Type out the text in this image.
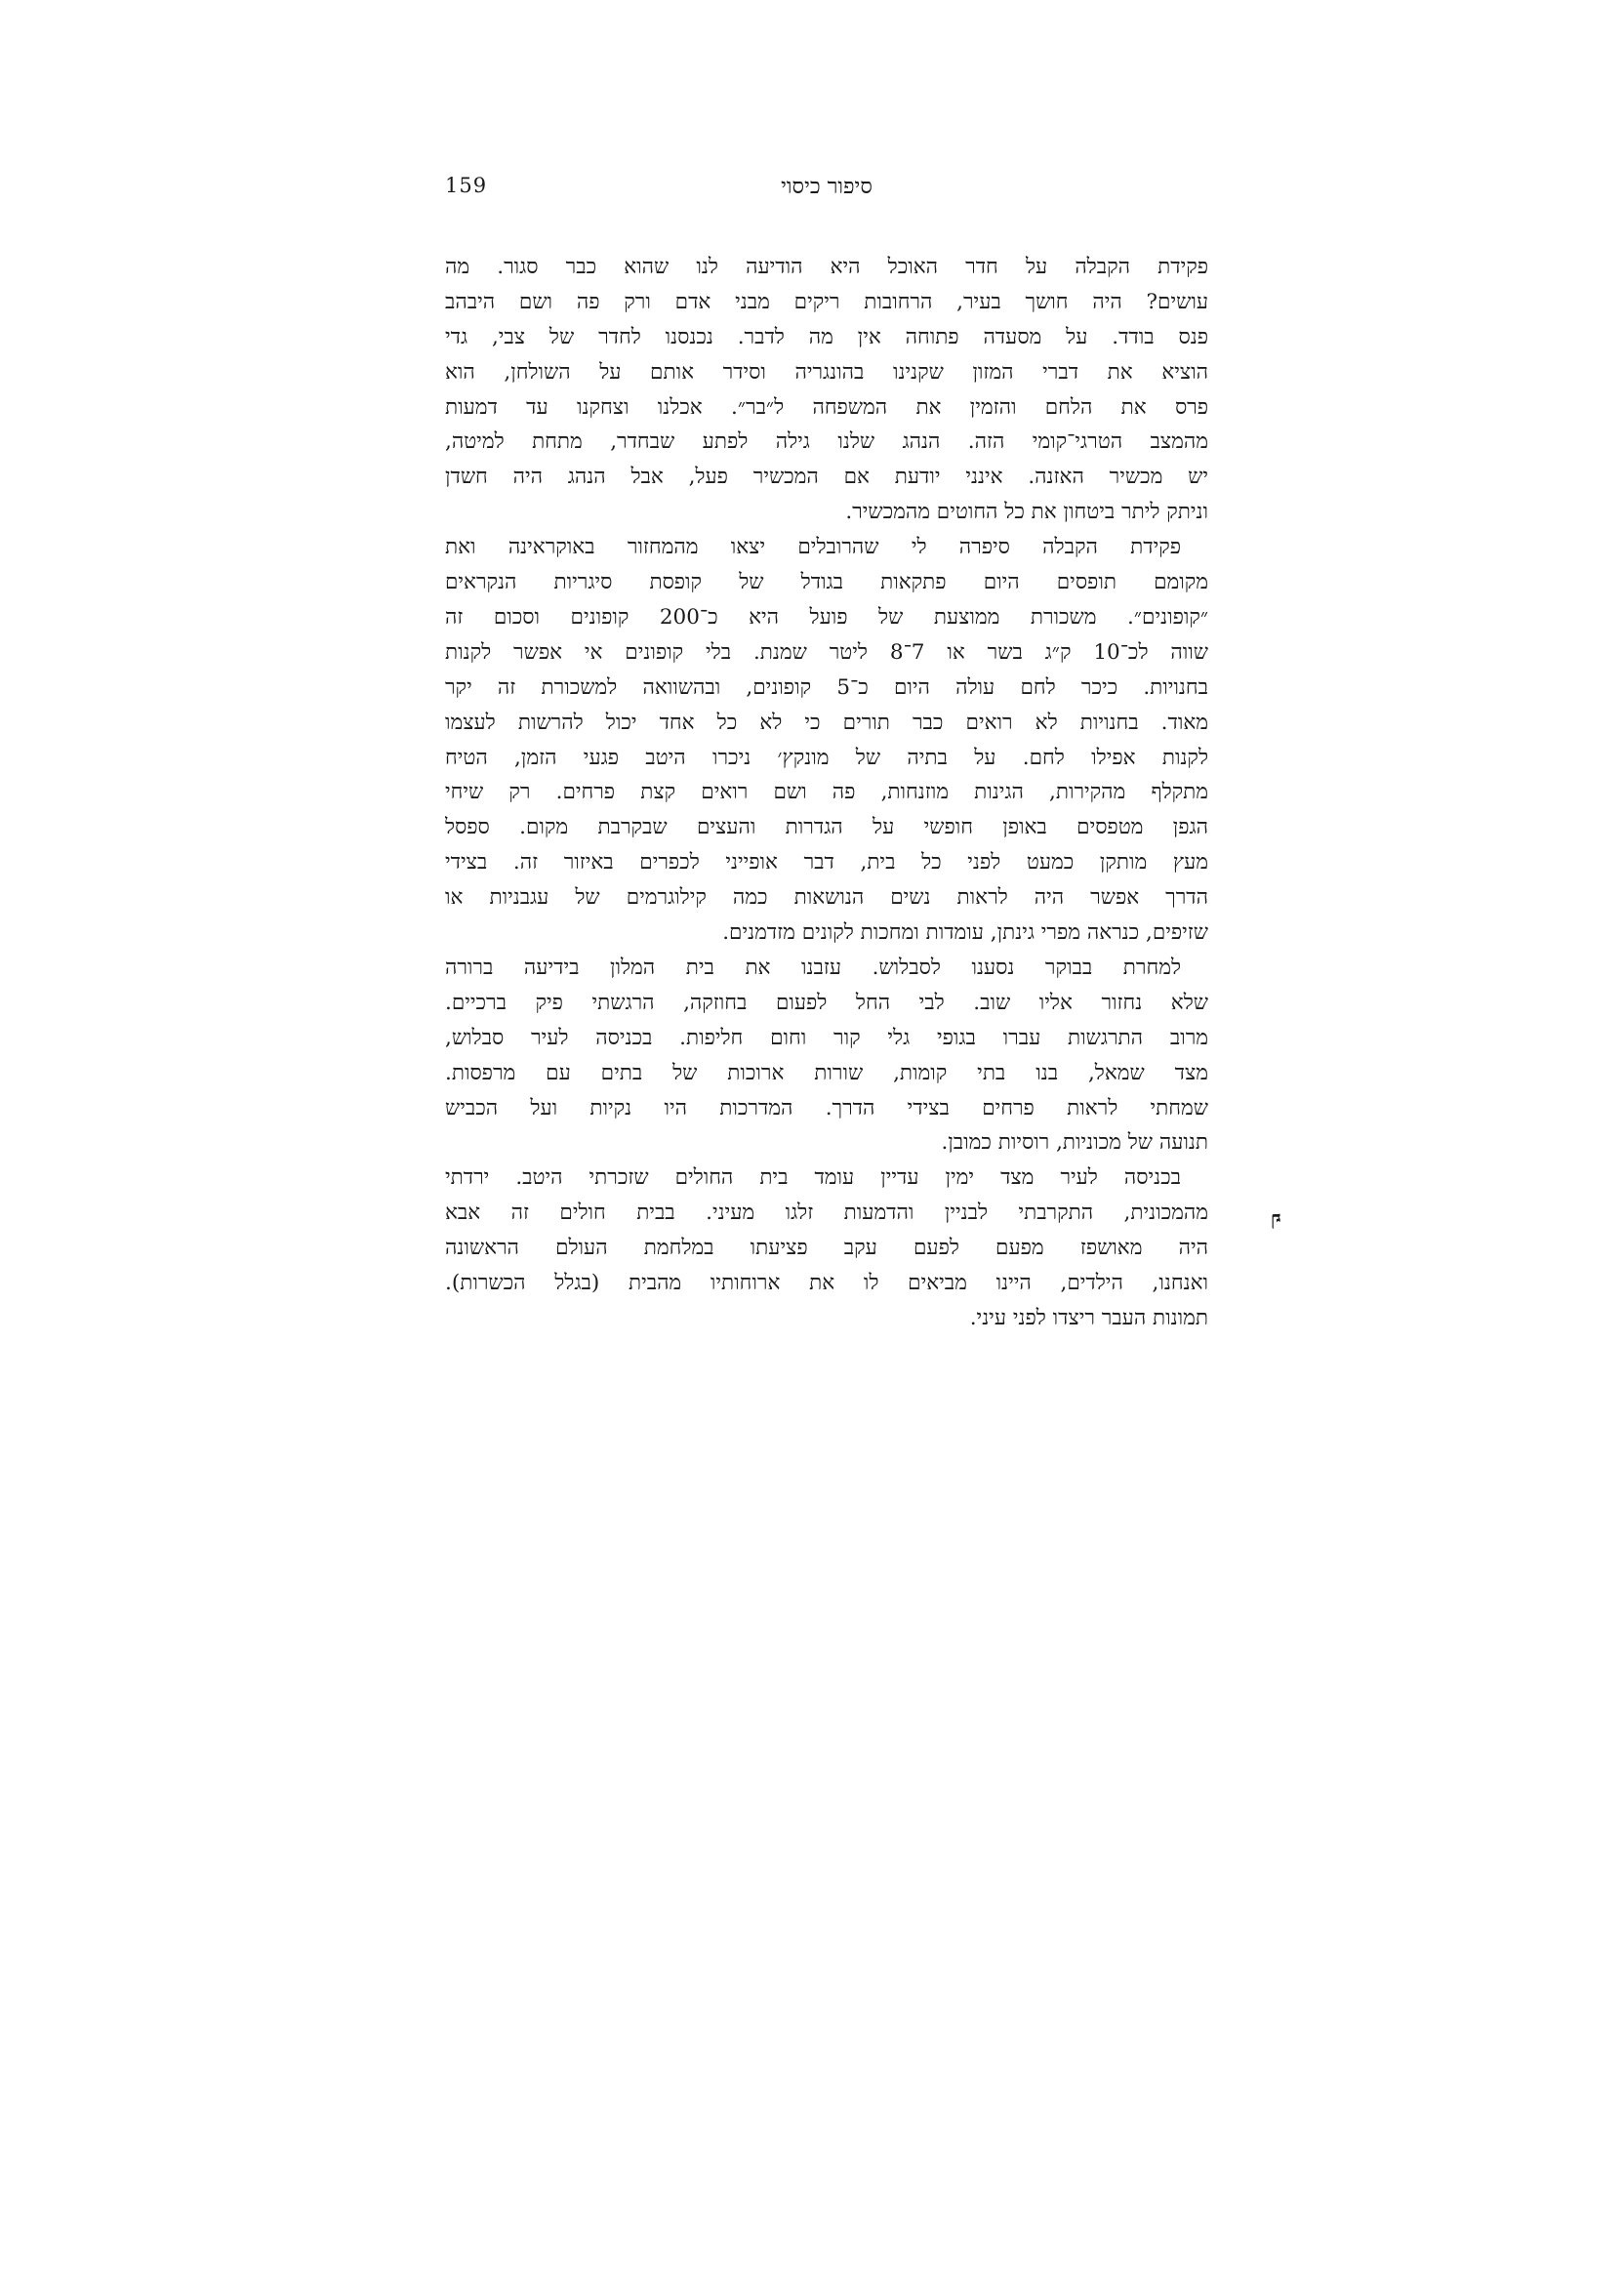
159	סיפור כיסוי
פקידת הקבלה על חדר האוכל היא הודיעה לנו שהוא כבר סגור. מה
עושים? היה חושך בעיר, הרחובות ריקים מבני אדם ורק פה ושם היבהב
פנס בודד. על מסעדה פתוחה אין מה לדבר. נכנסנו לחדר של צבי, גדי
הוציא את דברי המזון שקנינו בהונגריה וסידר אותם על השולחן, הוא
פרס את הלחם והזמין את המשפחה ל״בר״. אכלנו וצחקנו עד דמעות
מהמצב הטרגי־קומי הזה. הנהג שלנו גילה לפתע שבחדר, מתחת למיטה,
יש מכשיר האזנה. אינני יודעת אם המכשיר פעל, אבל הנהג היה חשדן
וניתק ליתר ביטחון את כל החוטים מהמכשיר.
פקידת הקבלה סיפרה לי שהרובלים יצאו מהמחזור באוקראינה ואת
מקומם תופסים היום פתקאות בגודל של קופסת סיגריות הנקראים
״קופונים״. משכורת ממוצעת של פועל היא כ־200 קופונים וסכום זה
שווה לכ־10 ק״ג בשר או 7־8 ליטר שמנת. בלי קופונים אי אפשר לקנות
בחנויות. כיכר לחם עולה היום כ־5 קופונים, ובהשוואה למשכורת זה יקר
מאוד. בחנויות לא רואים כבר תורים כי לא כל אחד יכול להרשות לעצמו
לקנות אפילו לחם. על בתיה של מונקץ׳ ניכרו היטב פגעי הזמן, הטיח
מתקלף מהקירות, הגינות מוזנחות, פה ושם רואים קצת פרחים. רק שיחי
הגפן מטפסים באופן חופשי על הגדרות והעצים שבקרבת מקום. ספסל
מעץ מותקן כמעט לפני כל בית, דבר אופייני לכפרים באיזור זה. בצידי
הדרך אפשר היה לראות נשים הנושאות כמה קילוגרמים של עגבניות או
שזיפים, כנראה מפרי גינתן, עומדות ומחכות לקונים מזדמנים.
למחרת בבוקר נסענו לסבלוש. עזבנו את בית המלון בידיעה ברורה
שלא נחזור אליו שוב. לבי החל לפעום בחוזקה, הרגשתי פיק ברכיים.
מרוב התרגשות עברו בגופי גלי קור וחום חליפות. בכניסה לעיר סבלוש,
מצד שמאל, בנו בתי קומות, שורות ארוכות של בתים עם מרפסות.
שמחתי לראות פרחים בצידי הדרך. המדרכות היו נקיות ועל הכביש
תנועה של מכוניות, רוסיות כמובן.
בכניסה לעיר מצד ימין עדיין עומד בית החולים שזכרתי היטב. ירדתי
מהמכונית, התקרבתי לבניין והדמעות זלגו מעיני. בבית חולים זה אבא
היה מאושפז מפעם לפעם עקב פציעתו במלחמת העולם הראשונה
ואנחנו, הילדים, היינו מביאים לו את ארוחותיו מהבית (בגלל הכשרות).
תמונות העבר ריצדו לפני עיני.
ף
